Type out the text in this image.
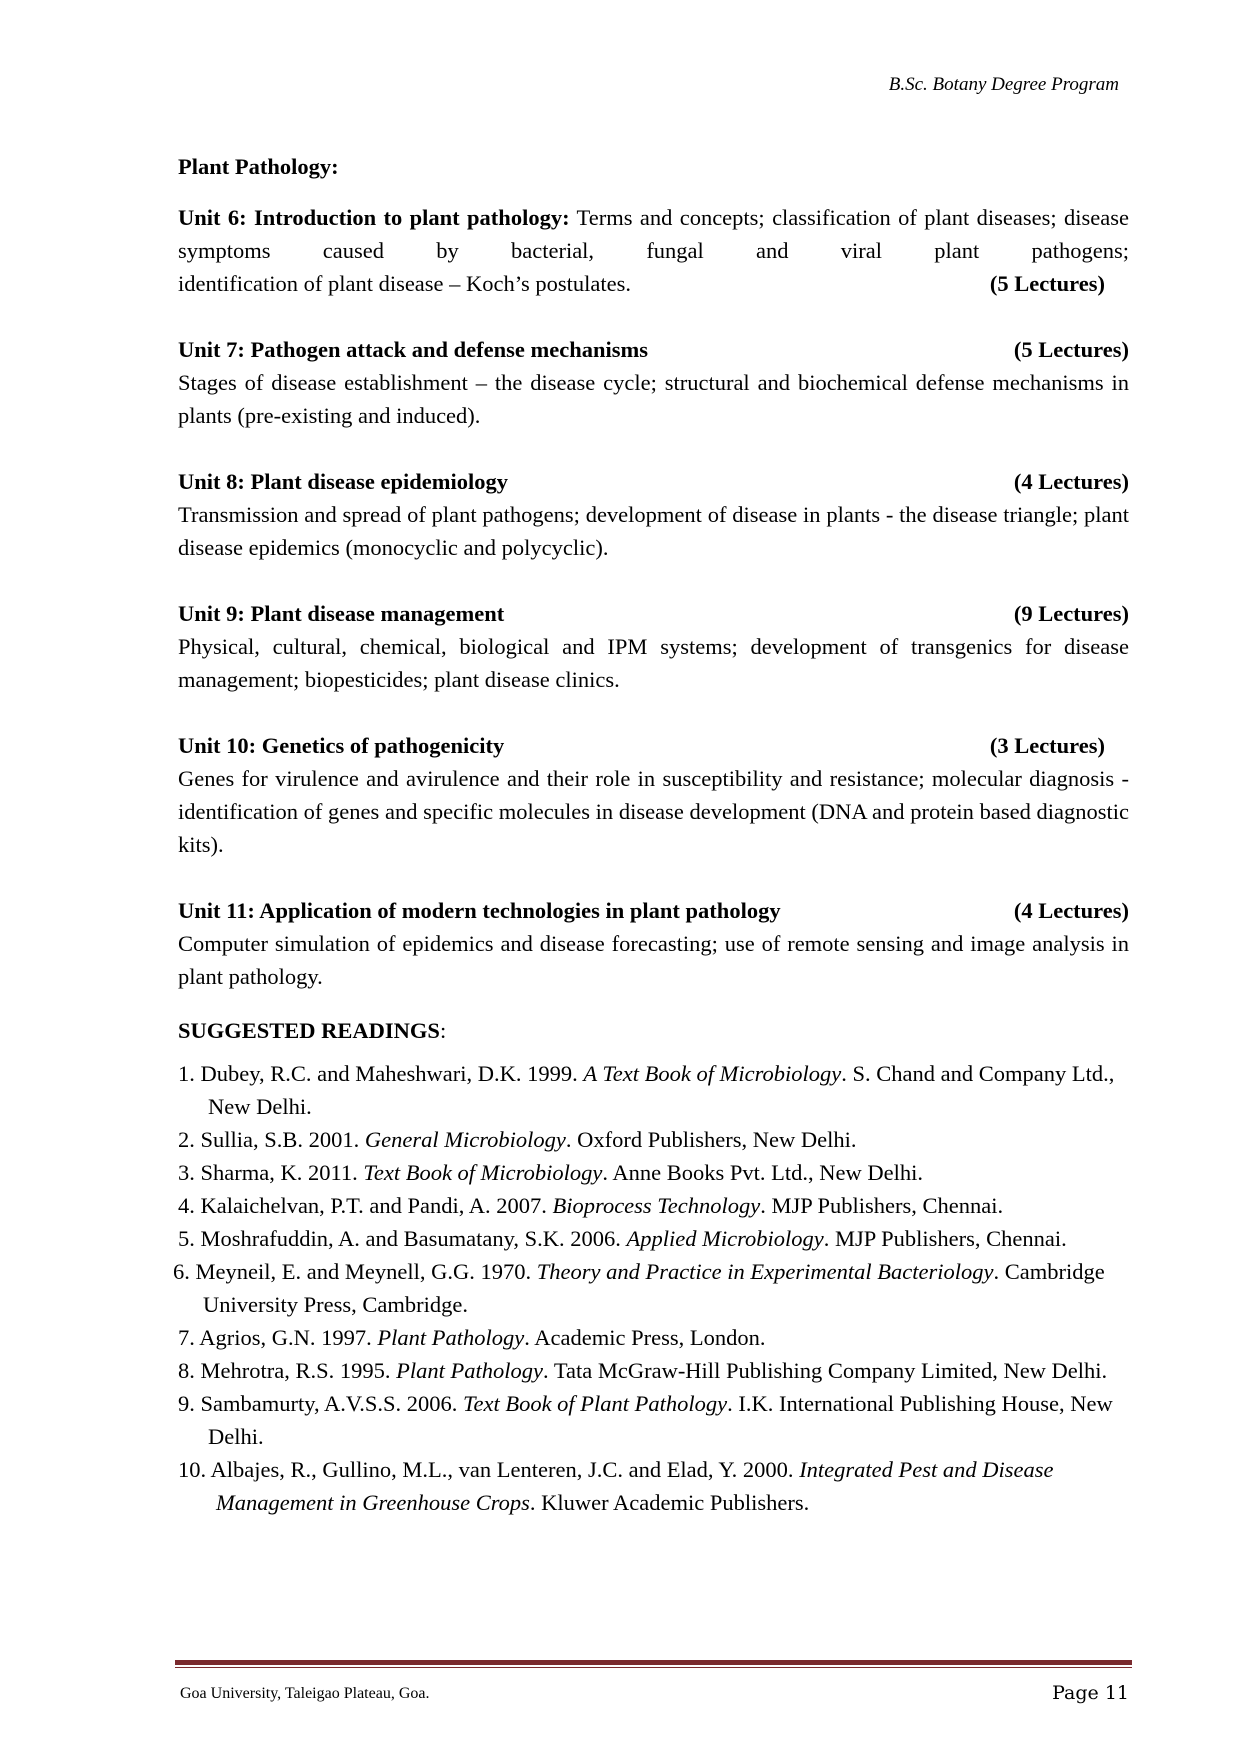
B.Sc. Botany Degree Program
Plant Pathology:
Unit 6: Introduction to plant pathology: Terms and concepts; classification of plant diseases; disease symptoms caused by bacterial, fungal and viral plant pathogens;
identification of plant disease – Koch’s postulates.	(5 Lectures)
Unit 7: Pathogen attack and defense mechanisms	(5 Lectures)
Stages of disease establishment – the disease cycle; structural and biochemical defense mechanisms in plants (pre-existing and induced).
Unit 8: Plant disease epidemiology	(4 Lectures)
Transmission and spread of plant pathogens; development of disease in plants - the disease triangle; plant disease epidemics (monocyclic and polycyclic).
Unit 9: Plant disease management	(9 Lectures)
Physical, cultural, chemical, biological and IPM systems; development of transgenics for disease management; biopesticides; plant disease clinics.
Unit 10: Genetics of pathogenicity	(3 Lectures)
Genes for virulence and avirulence and their role in susceptibility and resistance; molecular diagnosis - identification of genes and specific molecules in disease development (DNA and protein based diagnostic kits).
Unit 11: Application of modern technologies in plant pathology	(4 Lectures)
Computer simulation of epidemics and disease forecasting; use of remote sensing and image analysis in plant pathology.
SUGGESTED READINGS:
1. Dubey, R.C. and Maheshwari, D.K. 1999. A Text Book of Microbiology. S. Chand and Company Ltd., New Delhi.
2. Sullia, S.B. 2001. General Microbiology. Oxford Publishers, New Delhi.
3. Sharma, K. 2011. Text Book of Microbiology. Anne Books Pvt. Ltd., New Delhi.
4. Kalaichelvan, P.T. and Pandi, A. 2007. Bioprocess Technology. MJP Publishers, Chennai.
5. Moshrafuddin, A. and Basumatany, S.K. 2006. Applied Microbiology. MJP Publishers, Chennai.
6. Meyneil, E. and Meynell, G.G. 1970. Theory and Practice in Experimental Bacteriology. Cambridge University Press, Cambridge.
7. Agrios, G.N. 1997. Plant Pathology. Academic Press, London.
8. Mehrotra, R.S. 1995. Plant Pathology. Tata McGraw-Hill Publishing Company Limited, New Delhi.
9. Sambamurty, A.V.S.S. 2006. Text Book of Plant Pathology. I.K. International Publishing House, New Delhi.
10. Albajes, R., Gullino, M.L., van Lenteren, J.C. and Elad, Y. 2000. Integrated Pest and Disease Management in Greenhouse Crops. Kluwer Academic Publishers.
Goa University, Taleigao Plateau, Goa.	Page 11
